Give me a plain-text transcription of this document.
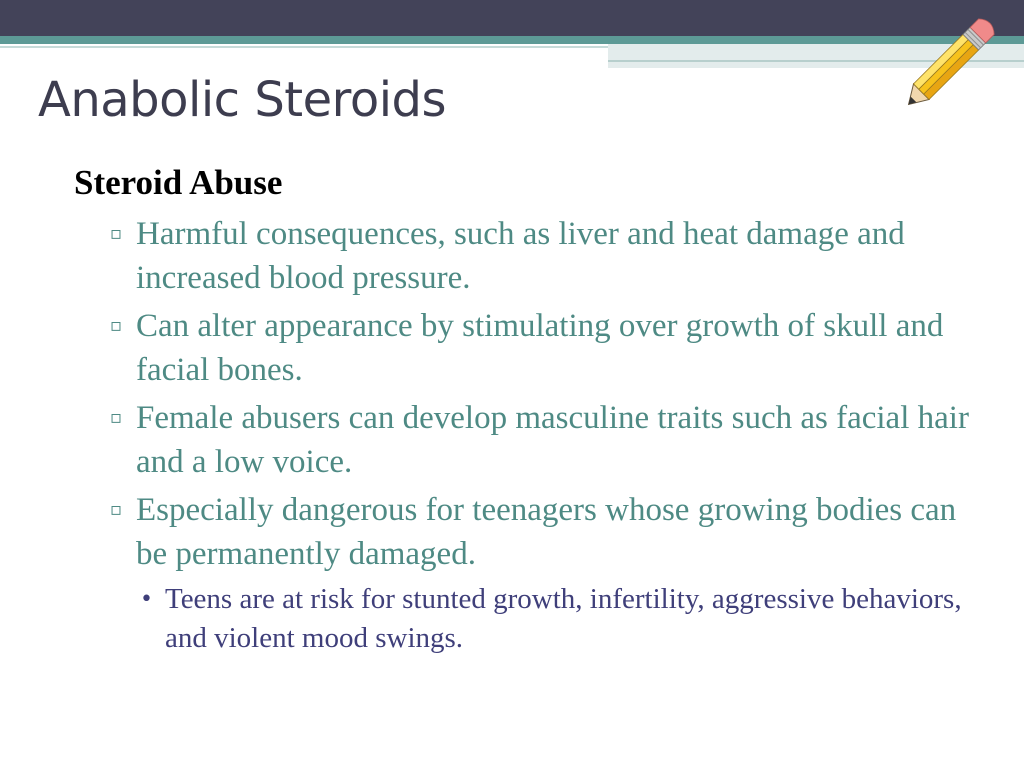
Anabolic Steroids
Steroid Abuse
▫ Harmful consequences, such as liver and heat damage and increased blood pressure.
▫ Can alter appearance by stimulating over growth of skull and facial bones.
▫ Female abusers can develop masculine traits such as facial hair and a low voice.
▫ Especially dangerous for teenagers whose growing bodies can be permanently damaged.
• Teens are at risk for stunted growth, infertility, aggressive behaviors, and violent mood swings.
